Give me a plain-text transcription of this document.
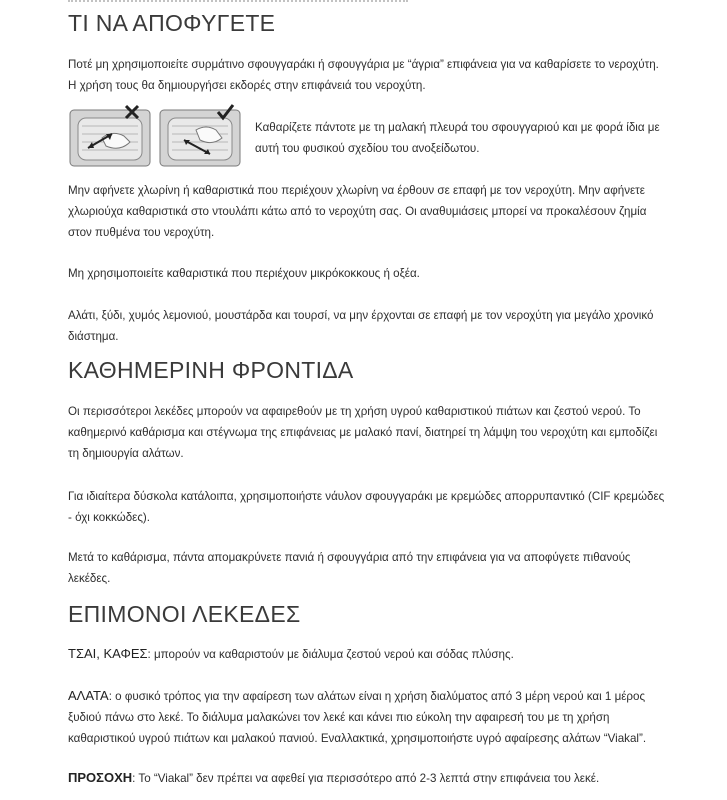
ΤΙ ΝΑ ΑΠΟΦΥΓΕΤΕ

Ποτέ μη χρησιμοποιείτε συρμάτινο σφουγγαράκι ή σφουγγάρια με “άγρια” επιφάνεια για να καθαρίσετε το νεροχύτη. Η χρήση τους θα δημιουργήσει εκδορές στην επιφάνειά του νεροχύτη.

Καθαρίζετε πάντοτε με τη μαλακή πλευρά του σφουγγαριού και με φορά ίδια με αυτή του φυσικού σχεδίου του ανοξείδωτου.

Μην αφήνετε χλωρίνη ή καθαριστικά που περιέχουν χλωρίνη να έρθουν σε επαφή με τον νεροχύτη. Μην αφήνετε χλωριούχα καθαριστικά στο ντουλάπι κάτω από το νεροχύτη σας. Οι αναθυμιάσεις μπορεί να προκαλέσουν ζημία στον πυθμένα του νεροχύτη.

Μη χρησιμοποιείτε καθαριστικά που περιέχουν μικρόκοκκους ή οξέα.

Αλάτι, ξύδι, χυμός λεμονιού, μουστάρδα και τουρσί, να μην έρχονται σε επαφή με τον νεροχύτη για μεγάλο χρονικό διάστημα.

ΚΑΘΗΜΕΡΙΝΗ ΦΡΟΝΤΙΔΑ

Οι περισσότεροι λεκέδες μπορούν να αφαιρεθούν με τη χρήση υγρού καθαριστικού πιάτων και ζεστού νερού. Το καθημερινό καθάρισμα και στέγνωμα της επιφάνειας με μαλακό πανί, διατηρεί τη λάμψη του νεροχύτη και εμποδίζει τη δημιουργία αλάτων.

Για ιδιαίτερα δύσκολα κατάλοιπα, χρησιμοποιήστε νάυλον σφουγγαράκι με κρεμώδες απορρυπαντικό (CIF κρεμώδες - όχι κοκκώδες).

Μετά το καθάρισμα, πάντα απομακρύνετε πανιά ή σφουγγάρια από την επιφάνεια για να αποφύγετε πιθανούς λεκέδες.

ΕΠΙΜΟΝΟΙ ΛΕΚΕΔΕΣ

ΤΣΑΙ, ΚΑΦΕΣ: μπορούν να καθαριστούν με διάλυμα ζεστού νερού και σόδας πλύσης.

ΑΛΑΤΑ: ο φυσικό τρόπος για την αφαίρεση των αλάτων είναι η χρήση διαλύματος από 3 μέρη νερού και 1 μέρος ξυδιού πάνω στο λεκέ. Το διάλυμα μαλακώνει τον λεκέ και κάνει πιο εύκολη την αφαιρεσή του με τη χρήση καθαριστικού υγρού πιάτων και μαλακού πανιού. Εναλλακτικά, χρησιμοποιήστε υγρό αφαίρεσης αλάτων “Viakal”.

ΠΡΟΣΟΧΗ: Το “Viakal” δεν πρέπει να αφεθεί για περισσότερο από 2-3 λεπτά στην επιφάνεια του λεκέ.
